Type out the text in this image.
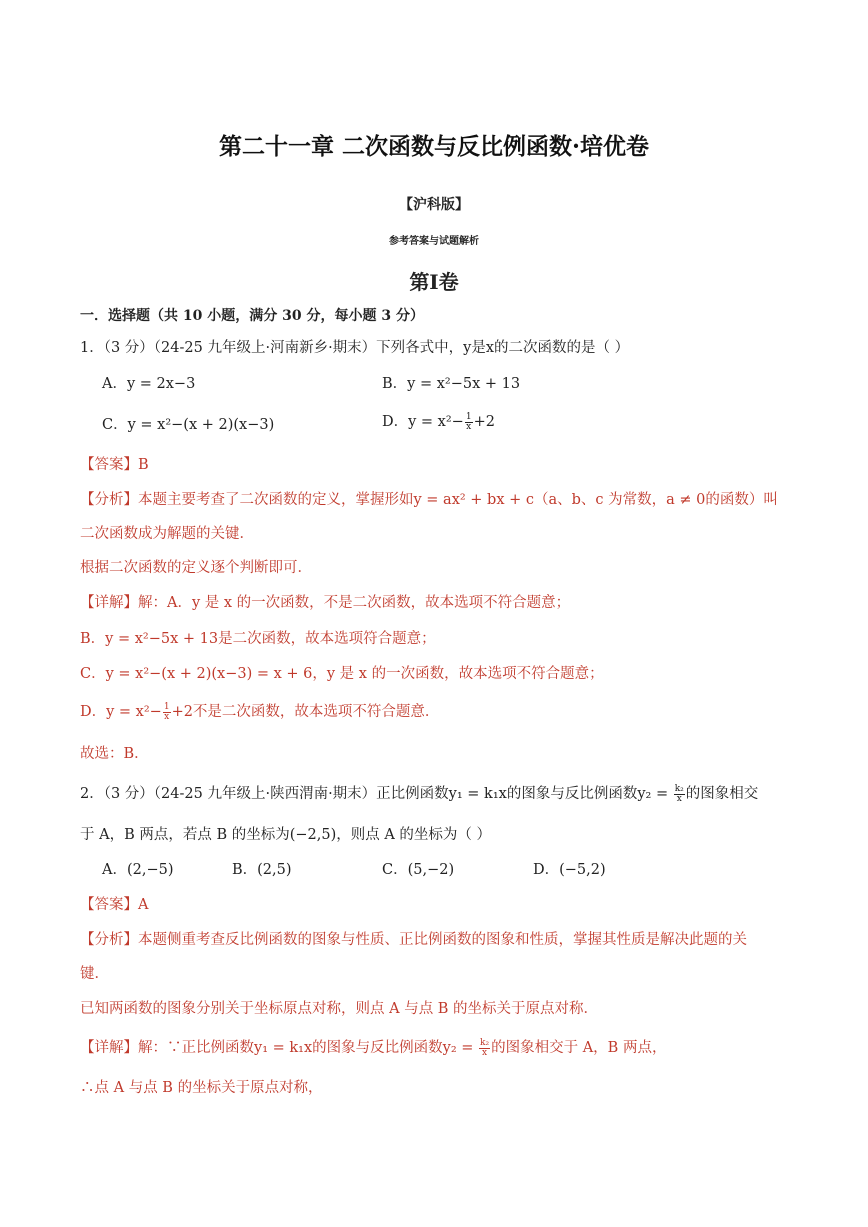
第二十一章 二次函数与反比例函数·培优卷
【沪科版】
参考答案与试题解析
第I卷
一．选择题（共 10 小题，满分 30 分，每小题 3 分）
1．（3 分）（24-25 九年级上·河南新乡·期末）下列各式中，y是x的二次函数的是（ ）
A．y = 2x−3	B．y = x²−5x + 13
C．y = x²−(x + 2)(x−3)	D．$y = x^2- \frac{1}{x} +2$
【答案】B
【分析】本题主要考查了二次函数的定义，掌握形如y = ax² + bx + c（a、b、c 为常数，a ≠ 0的函数）叫
二次函数成为解题的关键．
根据二次函数的定义逐个判断即可．
【详解】解：A．y 是 x 的一次函数，不是二次函数，故本选项不符合题意；
B．y = x²−5x + 13是二次函数，故本选项符合题意；
C．y = x²−(x + 2)(x−3) = x + 6，y 是 x 的一次函数，故本选项不符合题意；
D．$y = x^2- \frac{1}{x} +2$不是二次函数，故本选项不符合题意．
故选：B．
2．（3 分）（24-25 九年级上·陕西渭南·期末）正比例函数y₁ = k₁x的图象与反比例函数$y_2 = \frac{\text{k₂}}{x}$ 的图象相交
于 A，B 两点，若点 B 的坐标为(−2,5)，则点 A 的坐标为（ ）
A．(2,−5)	B．(2,5)	C．(5,−2)	D．(−5,2)
【答案】A
【分析】本题侧重考查反比例函数的图象与性质、正比例函数的图象和性质，掌握其性质是解决此题的关
键．
已知两函数的图象分别关于坐标原点对称，则点 A 与点 B 的坐标关于原点对称．
【详解】解：∵正比例函数y₁ = k₁x的图象与反比例函数$y_2 = \frac{\text{k₂}}{x}$ 的图象相交于 A，B 两点，
∴点 A 与点 B 的坐标关于原点对称，
